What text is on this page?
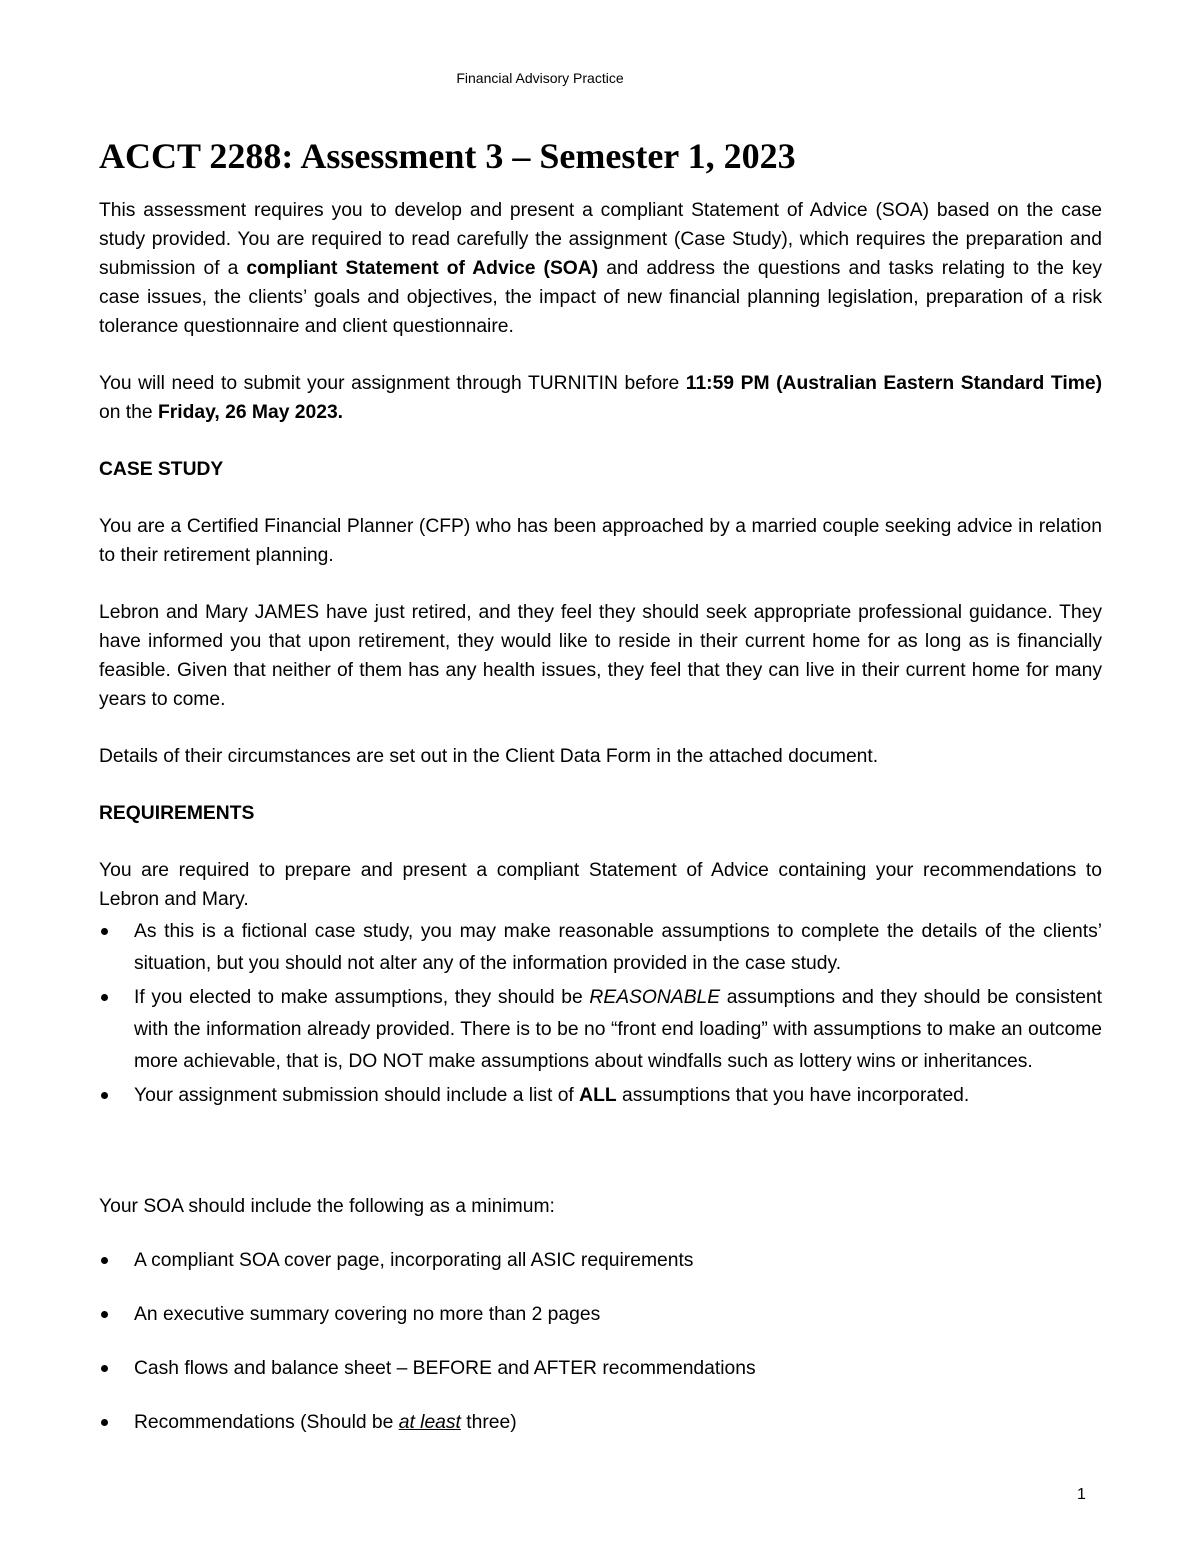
Financial Advisory Practice
ACCT 2288: Assessment 3 – Semester 1, 2023

This assessment requires you to develop and present a compliant Statement of Advice (SOA) based on the case study provided. You are required to read carefully the assignment (Case Study), which requires the preparation and submission of a compliant Statement of Advice (SOA) and address the questions and tasks relating to the key case issues, the clients’ goals and objectives, the impact of new financial planning legislation, preparation of a risk tolerance questionnaire and client questionnaire.

You will need to submit your assignment through TURNITIN before 11:59 PM (Australian Eastern Standard Time) on the Friday, 26 May 2023.

CASE STUDY

You are a Certified Financial Planner (CFP) who has been approached by a married couple seeking advice in relation to their retirement planning.

Lebron and Mary JAMES have just retired, and they feel they should seek appropriate professional guidance. They have informed you that upon retirement, they would like to reside in their current home for as long as is financially feasible. Given that neither of them has any health issues, they feel that they can live in their current home for many years to come.

Details of their circumstances are set out in the Client Data Form in the attached document.

REQUIREMENTS

You are required to prepare and present a compliant Statement of Advice containing your recommendations to Lebron and Mary.

As this is a fictional case study, you may make reasonable assumptions to complete the details of the clients’ situation, but you should not alter any of the information provided in the case study.
If you elected to make assumptions, they should be REASONABLE assumptions and they should be consistent with the information already provided. There is to be no “front end loading” with assumptions to make an outcome more achievable, that is, DO NOT make assumptions about windfalls such as lottery wins or inheritances.
Your assignment submission should include a list of ALL assumptions that you have incorporated.

Your SOA should include the following as a minimum:

A compliant SOA cover page, incorporating all ASIC requirements
An executive summary covering no more than 2 pages
Cash flows and balance sheet – BEFORE and AFTER recommendations
Recommendations (Should be at least three)
1
